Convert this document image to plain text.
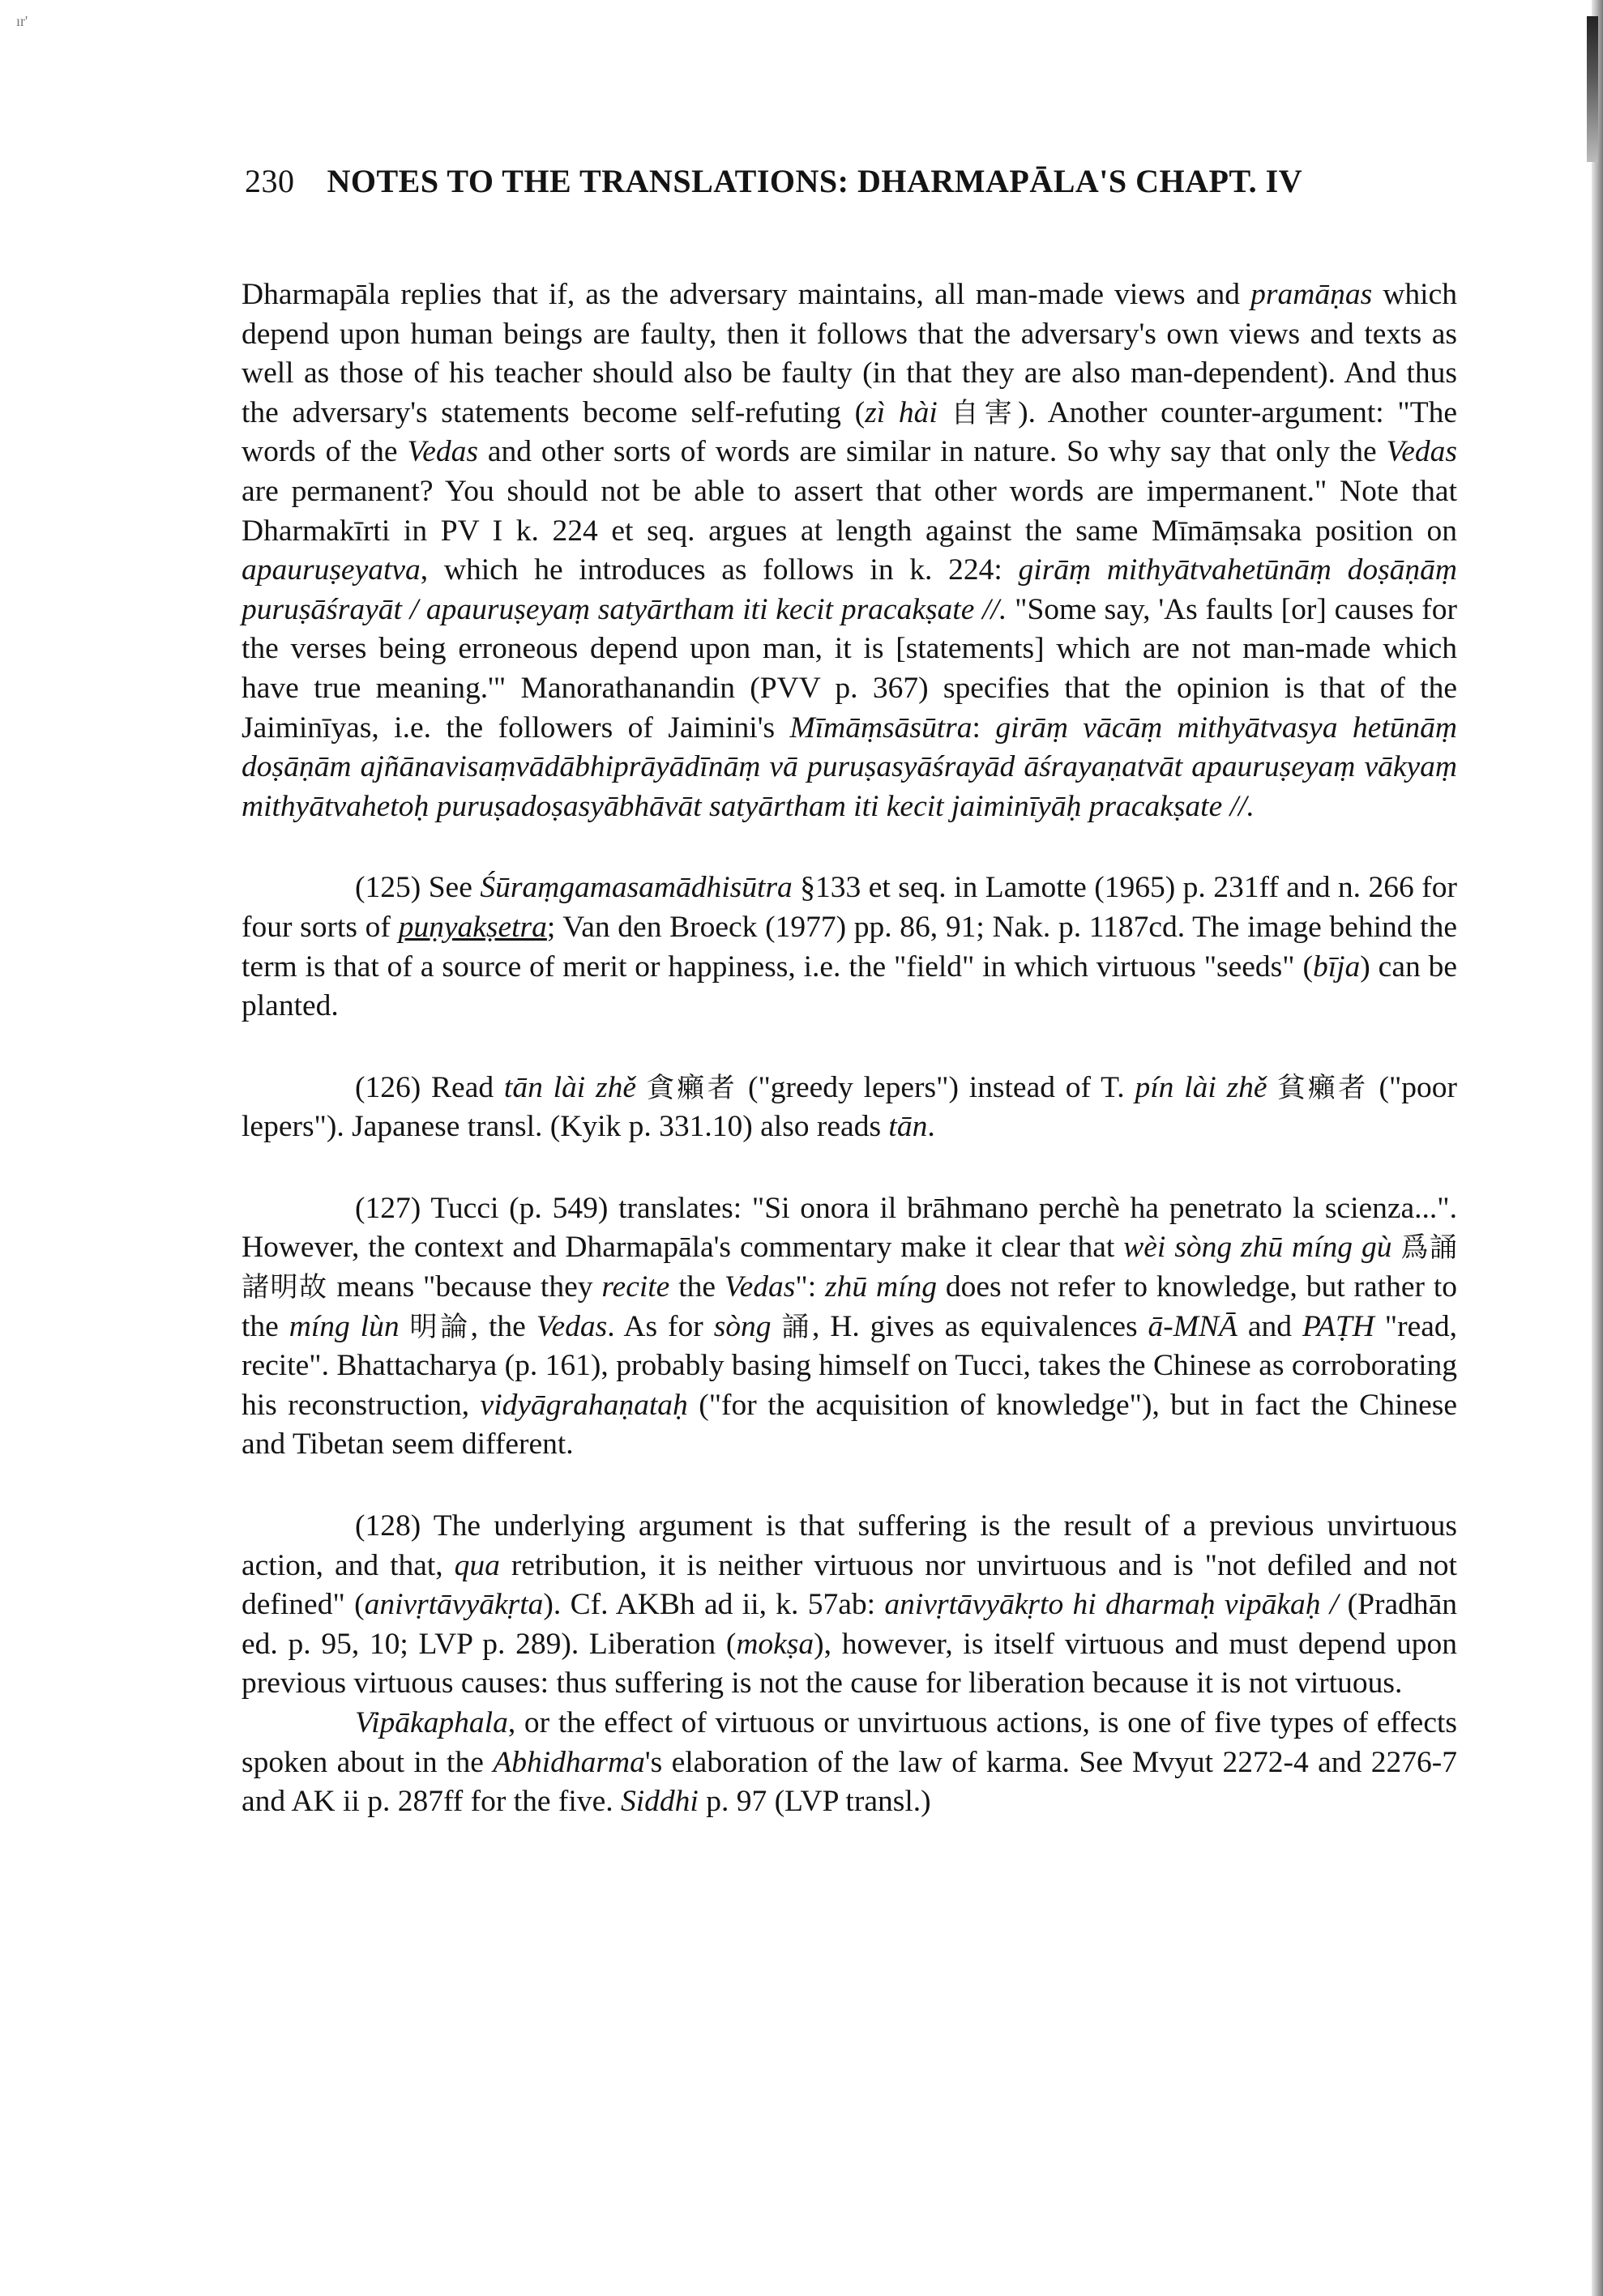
ır'
230 NOTES TO THE TRANSLATIONS: DHARMAPĀLA'S CHAPT. IV

Dharmapāla replies that if, as the adversary maintains, all man-made views and pramāṇas which depend upon human beings are faulty, then it follows that the adversary's own views and texts as well as those of his teacher should also be faulty (in that they are also man-dependent). And thus the adversary's statements become self-refuting (zì hài 自害). Another counter-argument: "The words of the Vedas and other sorts of words are similar in nature. So why say that only the Vedas are permanent? You should not be able to assert that other words are impermanent." Note that Dharmakīrti in PV I k. 224 et seq. argues at length against the same Mīmāṃsaka position on apauruṣeyatva, which he introduces as follows in k. 224: girāṃ mithyātvahetūnāṃ doṣāṇāṃ puruṣāśrayāt / apauruṣeyaṃ satyārtham iti kecit pracakṣate //. "Some say, 'As faults [or] causes for the verses being erroneous depend upon man, it is [statements] which are not man-made which have true meaning.'" Manorathanandin (PVV p. 367) specifies that the opinion is that of the Jaiminīyas, i.e. the followers of Jaimini's Mīmāṃsāsūtra: girāṃ vācāṃ mithyātvasya hetūnāṃ doṣāṇām ajñānavisaṃvādābhiprāyādīnāṃ vā puruṣasyāśrayād āśrayaṇatvāt apauruṣeyaṃ vākyaṃ mithyātvahetoḥ puruṣadoṣasyābhāvāt satyārtham iti kecit jaiminīyāḥ pracakṣate //.

(125) See Śūraṃgamasamādhisūtra §133 et seq. in Lamotte (1965) p. 231ff and n. 266 for four sorts of puṇyakṣetra; Van den Broeck (1977) pp. 86, 91; Nak. p. 1187cd. The image behind the term is that of a source of merit or happiness, i.e. the "field" in which virtuous "seeds" (bīja) can be planted.

(126) Read tān lài zhě 貪癩者 ("greedy lepers") instead of T. pín lài zhě 貧癩者 ("poor lepers"). Japanese transl. (Kyik p. 331.10) also reads tān.

(127) Tucci (p. 549) translates: "Si onora il brāhmano perchè ha penetrato la scienza...". However, the context and Dharmapāla's commentary make it clear that wèi sòng zhū míng gù 爲誦諸明故 means "because they recite the Vedas": zhū míng does not refer to knowledge, but rather to the míng lùn 明論, the Vedas. As for sòng 誦, H. gives as equivalences ā-MNĀ and PAṬH "read, recite". Bhattacharya (p. 161), probably basing himself on Tucci, takes the Chinese as corroborating his reconstruction, vidyāgrahaṇataḥ ("for the acquisition of knowledge"), but in fact the Chinese and Tibetan seem different.

(128) The underlying argument is that suffering is the result of a previous unvirtuous action, and that, qua retribution, it is neither virtuous nor unvirtuous and is "not defiled and not defined" (anivṛtāvyākṛta). Cf. AKBh ad ii, k. 57ab: anivṛtāvyākṛto hi dharmaḥ vipākaḥ / (Pradhān ed. p. 95, 10; LVP p. 289). Liberation (mokṣa), however, is itself virtuous and must depend upon previous virtuous causes: thus suffering is not the cause for liberation because it is not virtuous.

Vipākaphala, or the effect of virtuous or unvirtuous actions, is one of five types of effects spoken about in the Abhidharma's elaboration of the law of karma. See Mvyut 2272-4 and 2276-7 and AK ii p. 287ff for the five. Siddhi p. 97 (LVP transl.)
